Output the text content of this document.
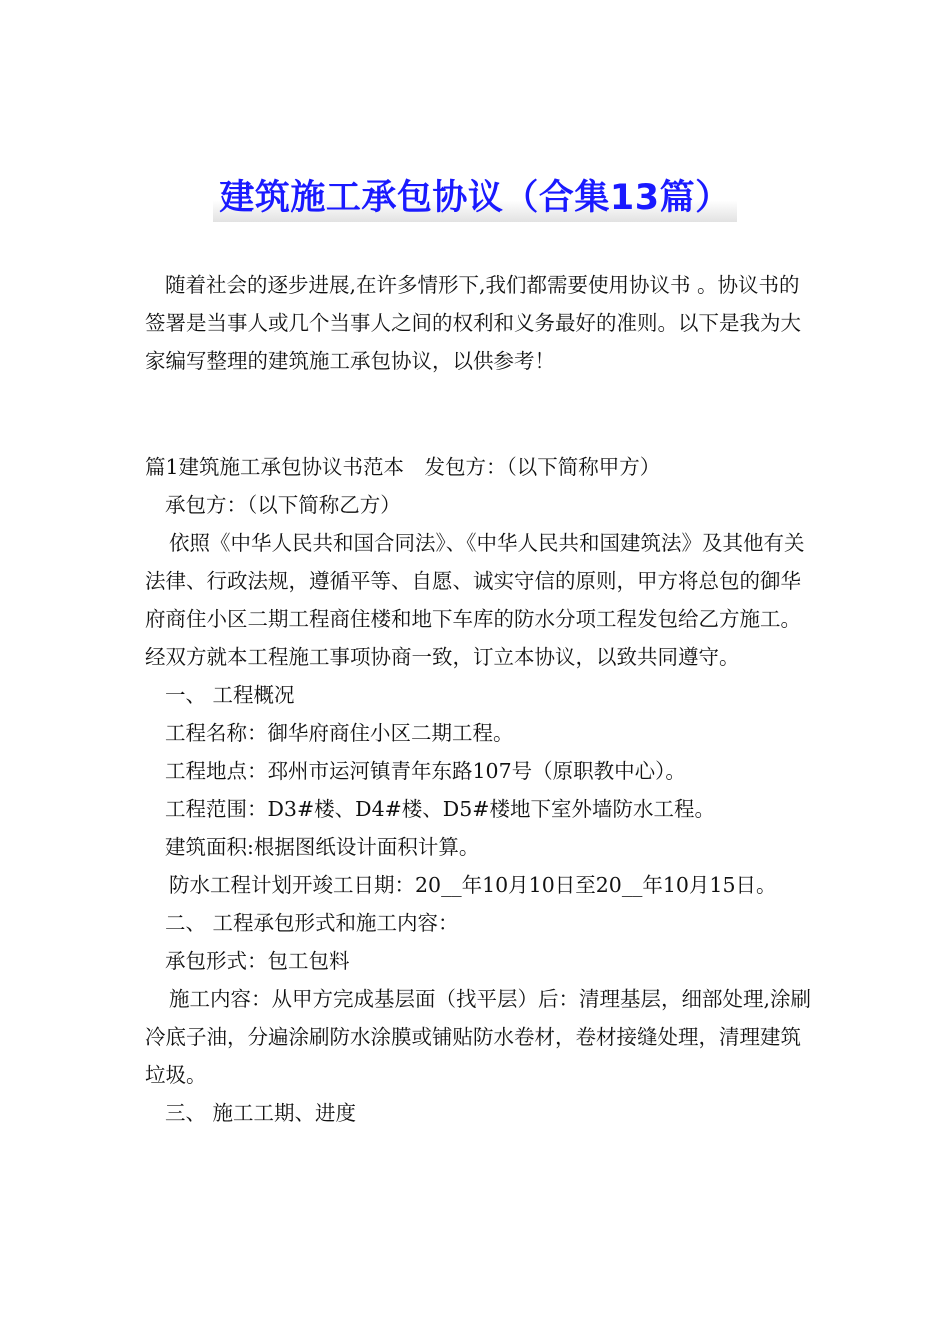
建筑施工承包协议（合集13篇）

随着社会的逐步进展,在许多情形下,我们都需要使用协议书 。协议书的签署是当事人或几个当事人之间的权利和义务最好的准则。以下是我为大家编写整理的建筑施工承包协议，以供参考！

篇1建筑施工承包协议书范本　发包方：（以下简称甲方）

承包方：（以下简称乙方）

依照《中华人民共和国合同法》、《中华人民共和国建筑法》及其他有关法律、行政法规，遵循平等、自愿、诚实守信的原则，甲方将总包的御华府商住小区二期工程商住楼和地下车库的防水分项工程发包给乙方施工。经双方就本工程施工事项协商一致，订立本协议，以致共同遵守。

一、 工程概况

工程名称：御华府商住小区二期工程。

工程地点：邳州市运河镇青年东路107号（原职教中心）。

工程范围：D3#楼、D4#楼、D5#楼地下室外墙防水工程。

建筑面积:根据图纸设计面积计算。

防水工程计划开竣工日期：20__年10月10日至20__年10月15日。

二、 工程承包形式和施工内容：

承包形式：包工包料

施工内容：从甲方完成基层面（找平层）后：清理基层，细部处理,涂刷冷底子油，分遍涂刷防水涂膜或铺贴防水卷材，卷材接缝处理，清理建筑垃圾。

三、 施工工期、进度
